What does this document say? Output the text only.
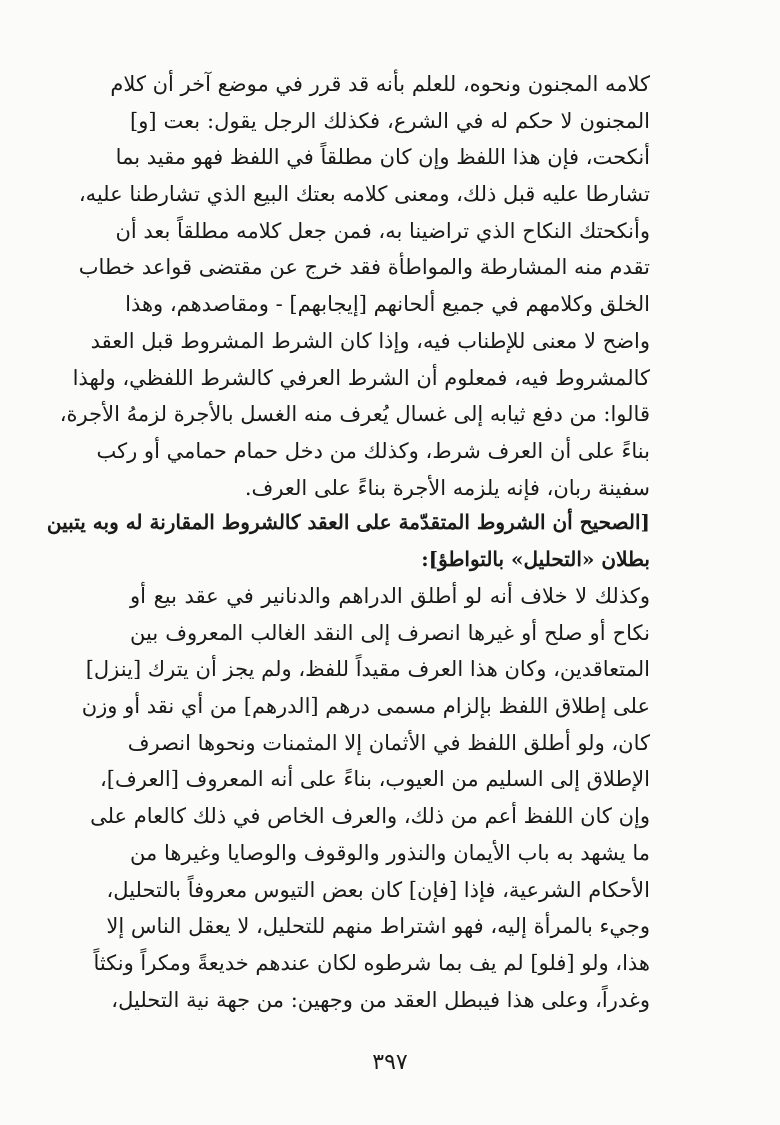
كلامه المجنون ونحوه، للعلم بأنه قد قرر في موضع آخر أن كلام
المجنون لا حكم له في الشرع، فكذلك الرجل يقول: بعت [و]
أنكحت، فإن هذا اللفظ وإن كان مطلقاً في اللفظ فهو مقيد بما
تشارطا عليه قبل ذلك، ومعنى كلامه بعتك البيع الذي تشارطنا عليه،
وأنكحتك النكاح الذي تراضينا به، فمن جعل كلامه مطلقاً بعد أن
تقدم منه المشارطة والمواطأة فقد خرج عن مقتضى قواعد خطاب
الخلق وكلامهم في جميع ألحانهم [إيجابهم] - ومقاصدهم، وهذا
واضح لا معنى للإطناب فيه، وإذا كان الشرط المشروط قبل العقد
كالمشروط فيه، فمعلوم أن الشرط العرفي كالشرط اللفظي، ولهذا
قالوا: من دفع ثيابه إلى غسال يُعرف منه الغسل بالأجرة لزمهُ الأجرة،
بناءً على أن العرف شرط، وكذلك من دخل حمام حمامي أو ركب
سفينة ربان، فإنه يلزمه الأجرة بناءً على العرف.
[الصحيح أن الشروط المتقدّمة على العقد كالشروط المقارنة له وبه يتبين
بطلان «التحليل» بالتواطؤ]:
وكذلك لا خلاف أنه لو أطلق الدراهم والدنانير في عقد بيع أو
نكاح أو صلح أو غيرها انصرف إلى النقد الغالب المعروف بين
المتعاقدين، وكان هذا العرف مقيداً للفظ، ولم يجز أن يترك [ينزل]
على إطلاق اللفظ بإلزام مسمى درهم [الدرهم] من أي نقد أو وزن
كان، ولو أطلق اللفظ في الأثمان إلا المثمنات ونحوها انصرف
الإطلاق إلى السليم من العيوب، بناءً على أنه المعروف [العرف]،
وإن كان اللفظ أعم من ذلك، والعرف الخاص في ذلك كالعام على
ما يشهد به باب الأيمان والنذور والوقوف والوصايا وغيرها من
الأحكام الشرعية، فإذا [فإن] كان بعض التيوس معروفاً بالتحليل،
وجيء بالمرأة إليه، فهو اشتراط منهم للتحليل، لا يعقل الناس إلا
هذا، ولو [فلو] لم يف بما شرطوه لكان عندهم خديعةً ومكراً ونكثاً
وغدراً، وعلى هذا فيبطل العقد من وجهين: من جهة نية التحليل،
٣٩٧
